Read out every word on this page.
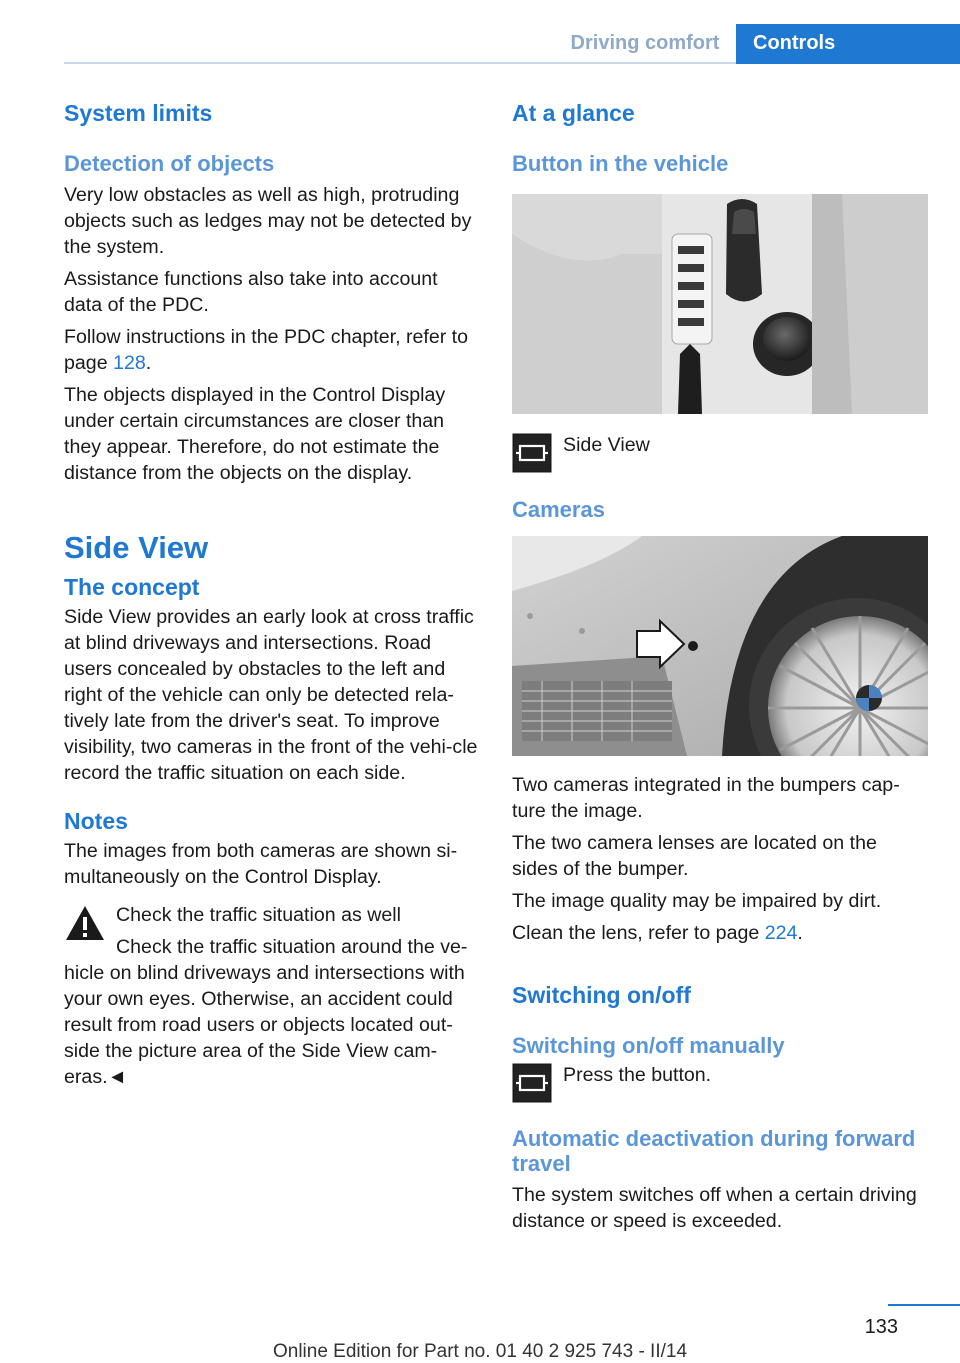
Driving comfort	Controls
System limits
Detection of objects

Very low obstacles as well as high, protruding objects such as ledges may not be detected by the system.

Assistance functions also take into account data of the PDC.

Follow instructions in the PDC chapter, refer to page 128.

The objects displayed in the Control Display under certain circumstances are closer than they appear. Therefore, do not estimate the distance from the objects on the display.

Side View
The concept

Side View provides an early look at cross traffic at blind driveways and intersections. Road users concealed by obstacles to the left and right of the vehicle can only be detected rela-tively late from the driver's seat. To improve visibility, two cameras in the front of the vehi-cle record the traffic situation on each side.

Notes

The images from both cameras are shown si-multaneously on the Control Display.

Check the traffic situation as well

Check the traffic situation around the ve-hicle on blind driveways and intersections with your own eyes. Otherwise, an accident could result from road users or objects located out-side the picture area of the Side View cam-eras.◄

At a glance
Button in the vehicle

Side View

Cameras

Two cameras integrated in the bumpers cap-ture the image.

The two camera lenses are located on the sides of the bumper.

The image quality may be impaired by dirt.

Clean the lens, refer to page 224.

Switching on/off
Switching on/off manually

Press the button.

Automatic deactivation during forward travel

The system switches off when a certain driving distance or speed is exceeded.

133
Online Edition for Part no. 01 40 2 925 743 - II/14
